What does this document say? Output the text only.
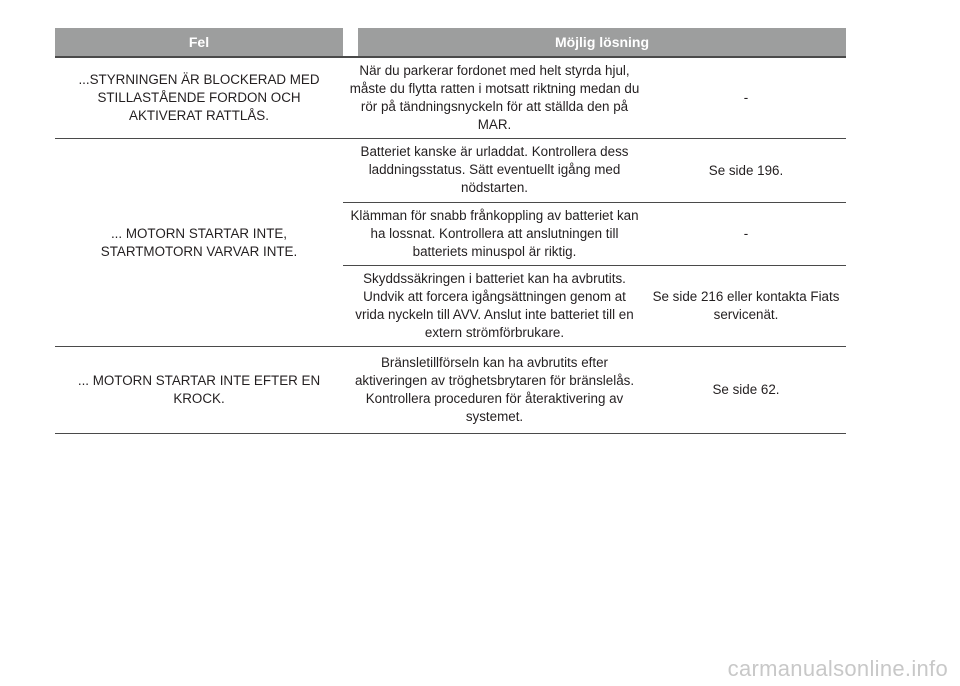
Fel	Möjlig lösning
...STYRNINGEN ÄR BLOCKERAD MED STILLASTÅENDE FORDON OCH AKTIVERAT RATTLÅS.
När du parkerar fordonet med helt styrda hjul, måste du flytta ratten i motsatt riktning medan du rör på tändningsnyckeln för att ställda den på MAR.
-
... MOTORN STARTAR INTE, STARTMOTORN VARVAR INTE.
Batteriet kanske är urladdat. Kontrollera dess laddningsstatus. Sätt eventuellt igång med nödstarten.
Se side 196.
Klämman för snabb frånkoppling av batteriet kan ha lossnat. Kontrollera att anslutningen till batteriets minuspol är riktig.
-
Skyddssäkringen i batteriet kan ha avbrutits. Undvik att forcera igångsättningen genom at vrida nyckeln till AVV. Anslut inte batteriet till en extern strömförbrukare.
Se side 216 eller kontakta Fiats servicenät.
... MOTORN STARTAR INTE EFTER EN KROCK.
Bränsletillförseln kan ha avbrutits efter aktiveringen av tröghetsbrytaren för bränslelås. Kontrollera proceduren för återaktivering av systemet.
Se side 62.
carmanualsonline.info
